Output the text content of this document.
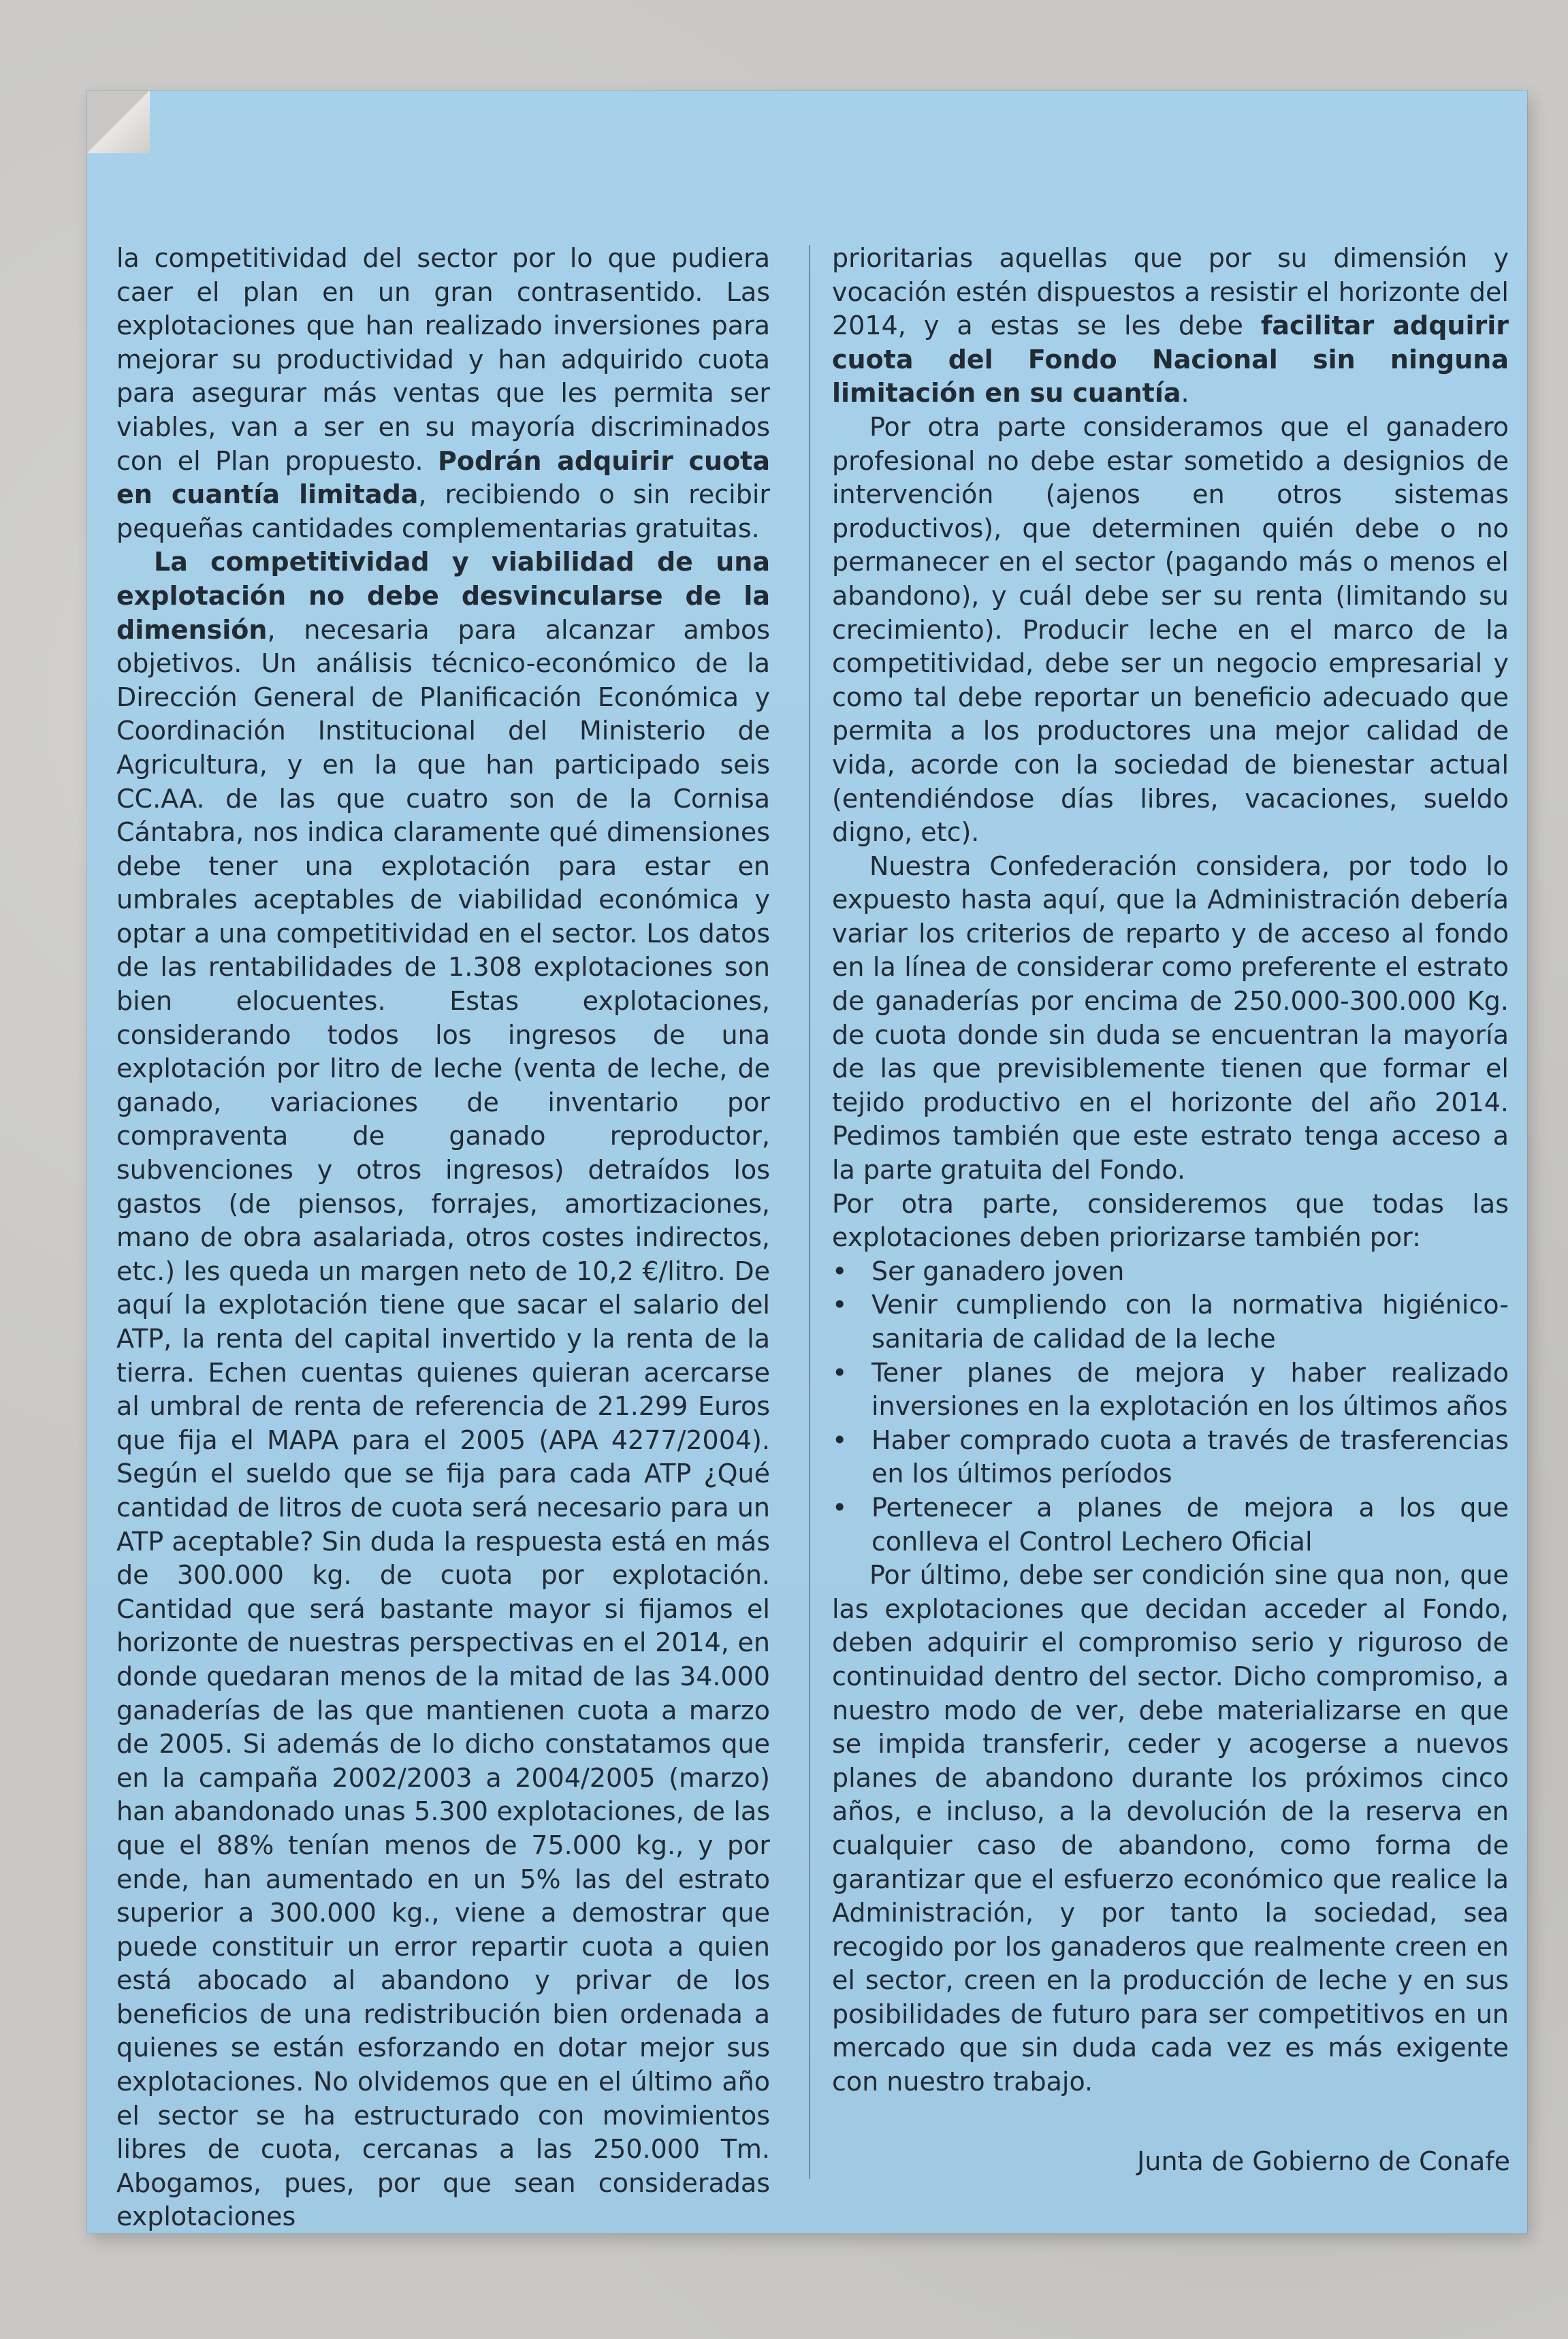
la competitividad del sector por lo que pudiera caer el plan en un gran contrasentido. Las explotaciones que han realizado inversiones para mejorar su productividad y han adquirido cuota para asegurar más ventas que les permita ser viables, van a ser en su mayoría discriminados con el Plan propuesto. Podrán adquirir cuota en cuantía limitada, recibiendo o sin recibir pequeñas cantidades complementarias gratuitas.

La competitividad y viabilidad de una explotación no debe desvincularse de la dimensión, necesaria para alcanzar ambos objetivos. Un análisis técnico-económico de la Dirección General de Planificación Económica y Coordinación Institucional del Ministerio de Agricultura, y en la que han participado seis CC.AA. de las que cuatro son de la Cornisa Cántabra, nos indica claramente qué dimensiones debe tener una explotación para estar en umbrales aceptables de viabilidad económica y optar a una competitividad en el sector. Los datos de las rentabilidades de 1.308 explotaciones son bien elocuentes. Estas explotaciones, considerando todos los ingresos de una explotación por litro de leche (venta de leche, de ganado, variaciones de inventario por compraventa de ganado reproductor, subvenciones y otros ingresos) detraídos los gastos (de piensos, forrajes, amortizaciones, mano de obra asalariada, otros costes indirectos, etc.) les queda un margen neto de 10,2 €/litro. De aquí la explotación tiene que sacar el salario del ATP, la renta del capital invertido y la renta de la tierra. Echen cuentas quienes quieran acercarse al umbral de renta de referencia de 21.299 Euros que fija el MAPA para el 2005 (APA 4277/2004). Según el sueldo que se fija para cada ATP ¿Qué cantidad de litros de cuota será necesario para un ATP aceptable? Sin duda la respuesta está en más de 300.000 kg. de cuota por explotación. Cantidad que será bastante mayor si fijamos el horizonte de nuestras perspectivas en el 2014, en donde quedaran menos de la mitad de las 34.000 ganaderías de las que mantienen cuota a marzo de 2005. Si además de lo dicho constatamos que en la campaña 2002/2003 a 2004/2005 (marzo) han abandonado unas 5.300 explotaciones, de las que el 88% tenían menos de 75.000 kg., y por ende, han aumentado en un 5% las del estrato superior a 300.000 kg., viene a demostrar que puede constituir un error repartir cuota a quien está abocado al abandono y privar de los beneficios de una redistribución bien ordenada a quienes se están esforzando en dotar mejor sus explotaciones. No olvidemos que en el último año el sector se ha estructurado con movimientos libres de cuota, cercanas a las 250.000 Tm. Abogamos, pues, por que sean consideradas explotaciones

prioritarias aquellas que por su dimensión y vocación estén dispuestos a resistir el horizonte del 2014, y a estas se les debe facilitar adquirir cuota del Fondo Nacional sin ninguna limitación en su cuantía.

Por otra parte consideramos que el ganadero profesional no debe estar sometido a designios de intervención (ajenos en otros sistemas productivos), que determinen quién debe o no permanecer en el sector (pagando más o menos el abandono), y cuál debe ser su renta (limitando su crecimiento). Producir leche en el marco de la competitividad, debe ser un negocio empresarial y como tal debe reportar un beneficio adecuado que permita a los productores una mejor calidad de vida, acorde con la sociedad de bienestar actual (entendiéndose días libres, vacaciones, sueldo digno, etc).

Nuestra Confederación considera, por todo lo expuesto hasta aquí, que la Administración debería variar los criterios de reparto y de acceso al fondo en la línea de considerar como preferente el estrato de ganaderías por encima de 250.000-300.000 Kg. de cuota donde sin duda se encuentran la mayoría de las que previsiblemente tienen que formar el tejido productivo en el horizonte del año 2014. Pedimos también que este estrato tenga acceso a la parte gratuita del Fondo.

Por otra parte, consideremos que todas las explotaciones deben priorizarse también por:

• Ser ganadero joven
• Venir cumpliendo con la normativa higiénico-sanitaria de calidad de la leche
• Tener planes de mejora y haber realizado inversiones en la explotación en los últimos años
• Haber comprado cuota a través de trasferencias en los últimos períodos
• Pertenecer a planes de mejora a los que conlleva el Control Lechero Oficial

Por último, debe ser condición sine qua non, que las explotaciones que decidan acceder al Fondo, deben adquirir el compromiso serio y riguroso de continuidad dentro del sector. Dicho compromiso, a nuestro modo de ver, debe materializarse en que se impida transferir, ceder y acogerse a nuevos planes de abandono durante los próximos cinco años, e incluso, a la devolución de la reserva en cualquier caso de abandono, como forma de garantizar que el esfuerzo económico que realice la Administración, y por tanto la sociedad, sea recogido por los ganaderos que realmente creen en el sector, creen en la producción de leche y en sus posibilidades de futuro para ser competitivos en un mercado que sin duda cada vez es más exigente con nuestro trabajo.

Junta de Gobierno de Conafe
